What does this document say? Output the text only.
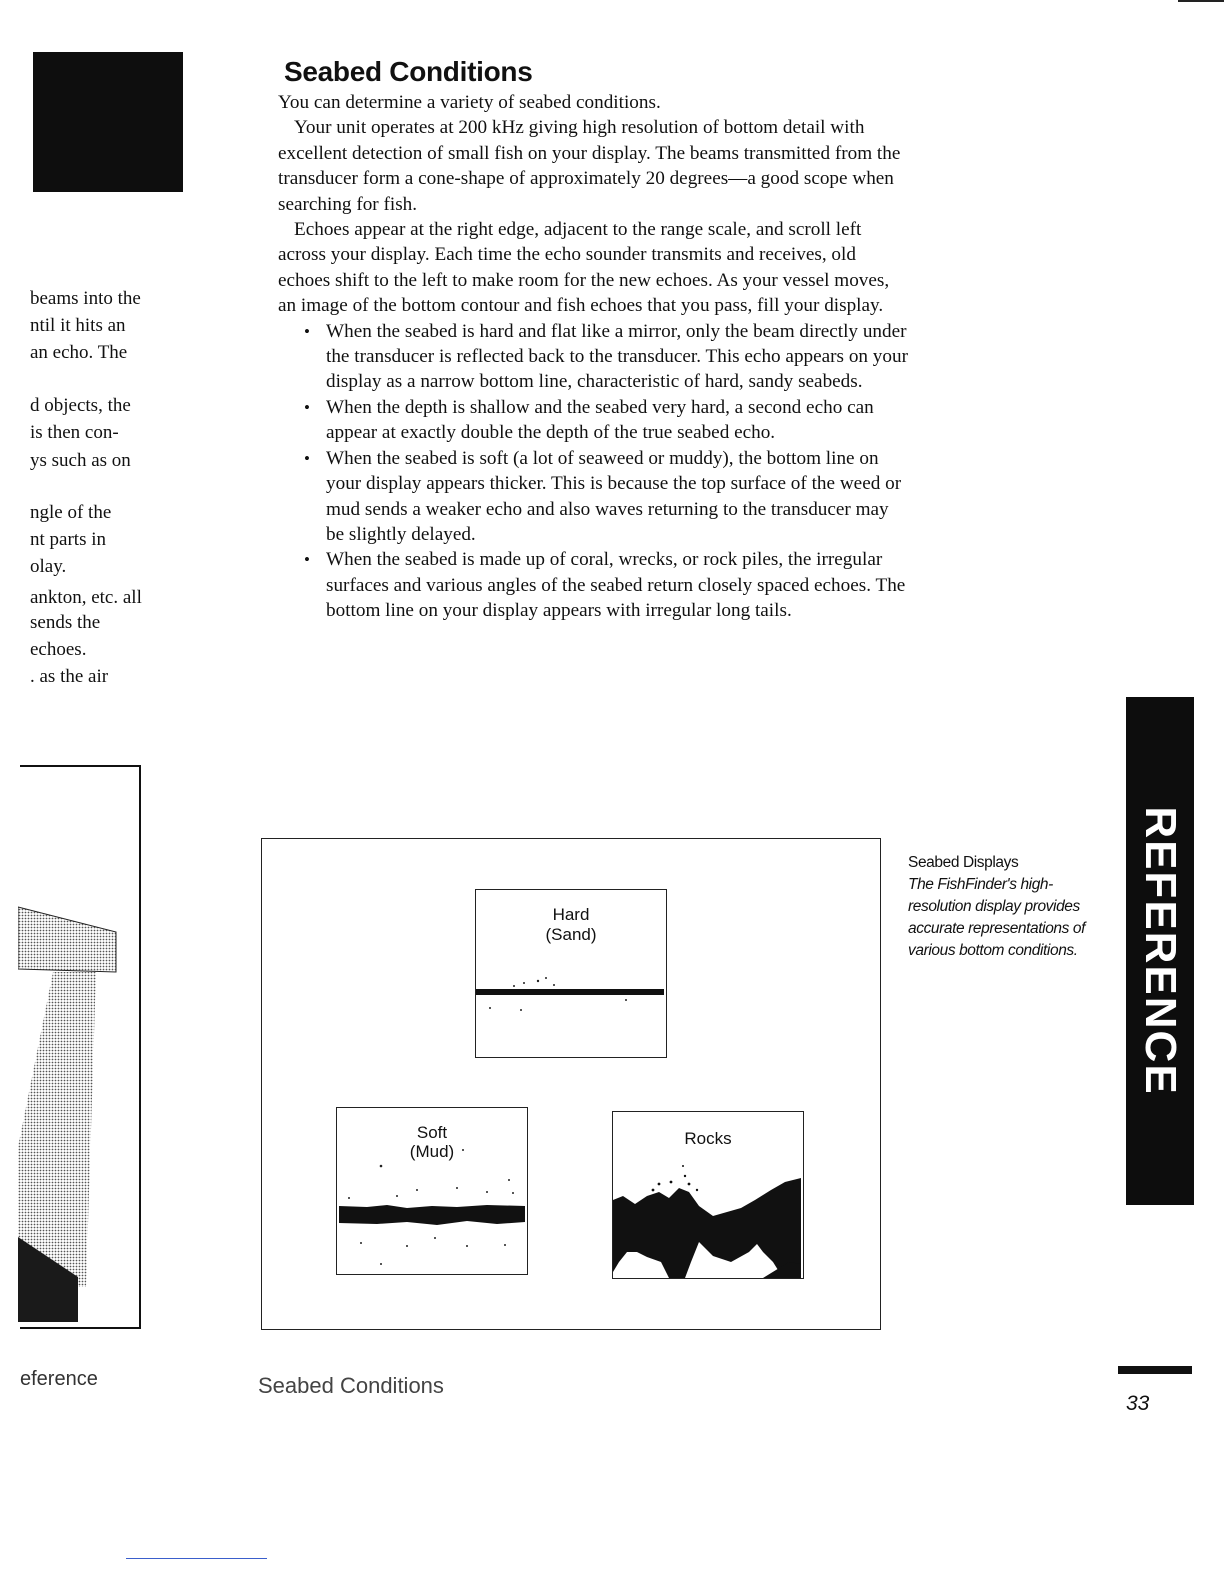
beams into the
ntil it hits an
an echo. The
d objects, the
is then con-
ys such as on
ngle of the
nt parts in
olay.
ankton, etc. all
sends the
echoes.
. as the air
eference
Seabed Conditions

You can determine a variety of seabed conditions.

Your unit operates at 200 kHz giving high resolution of bottom detail with excellent detection of small fish on your display. The beams transmitted from the transducer form a cone-shape of approximately 20 degrees—a good scope when searching for fish.

Echoes appear at the right edge, adjacent to the range scale, and scroll left across your display. Each time the echo sounder transmits and receives, old echoes shift to the left to make room for the new echoes. As your vessel moves, an image of the bottom contour and fish echoes that you pass, fill your display.

• When the seabed is hard and flat like a mirror, only the beam directly under the transducer is reflected back to the transducer. This echo appears on your display as a narrow bottom line, characteristic of hard, sandy seabeds.
• When the depth is shallow and the seabed very hard, a second echo can appear at exactly double the depth of the true seabed echo.
• When the seabed is soft (a lot of seaweed or muddy), the bottom line on your display appears thicker. This is because the top surface of the weed or mud sends a weaker echo and also waves returning to the transducer may be slightly delayed.
• When the seabed is made up of coral, wrecks, or rock piles, the irregular surfaces and various angles of the seabed return closely spaced echoes. The bottom line on your display appears with irregular long tails.
Hard
(Sand)
Soft
(Mud)
Rocks
Seabed Displays
The FishFinder's high-resolution display provides accurate representations of various bottom conditions.	REFERENCE
Seabed Conditions
33
